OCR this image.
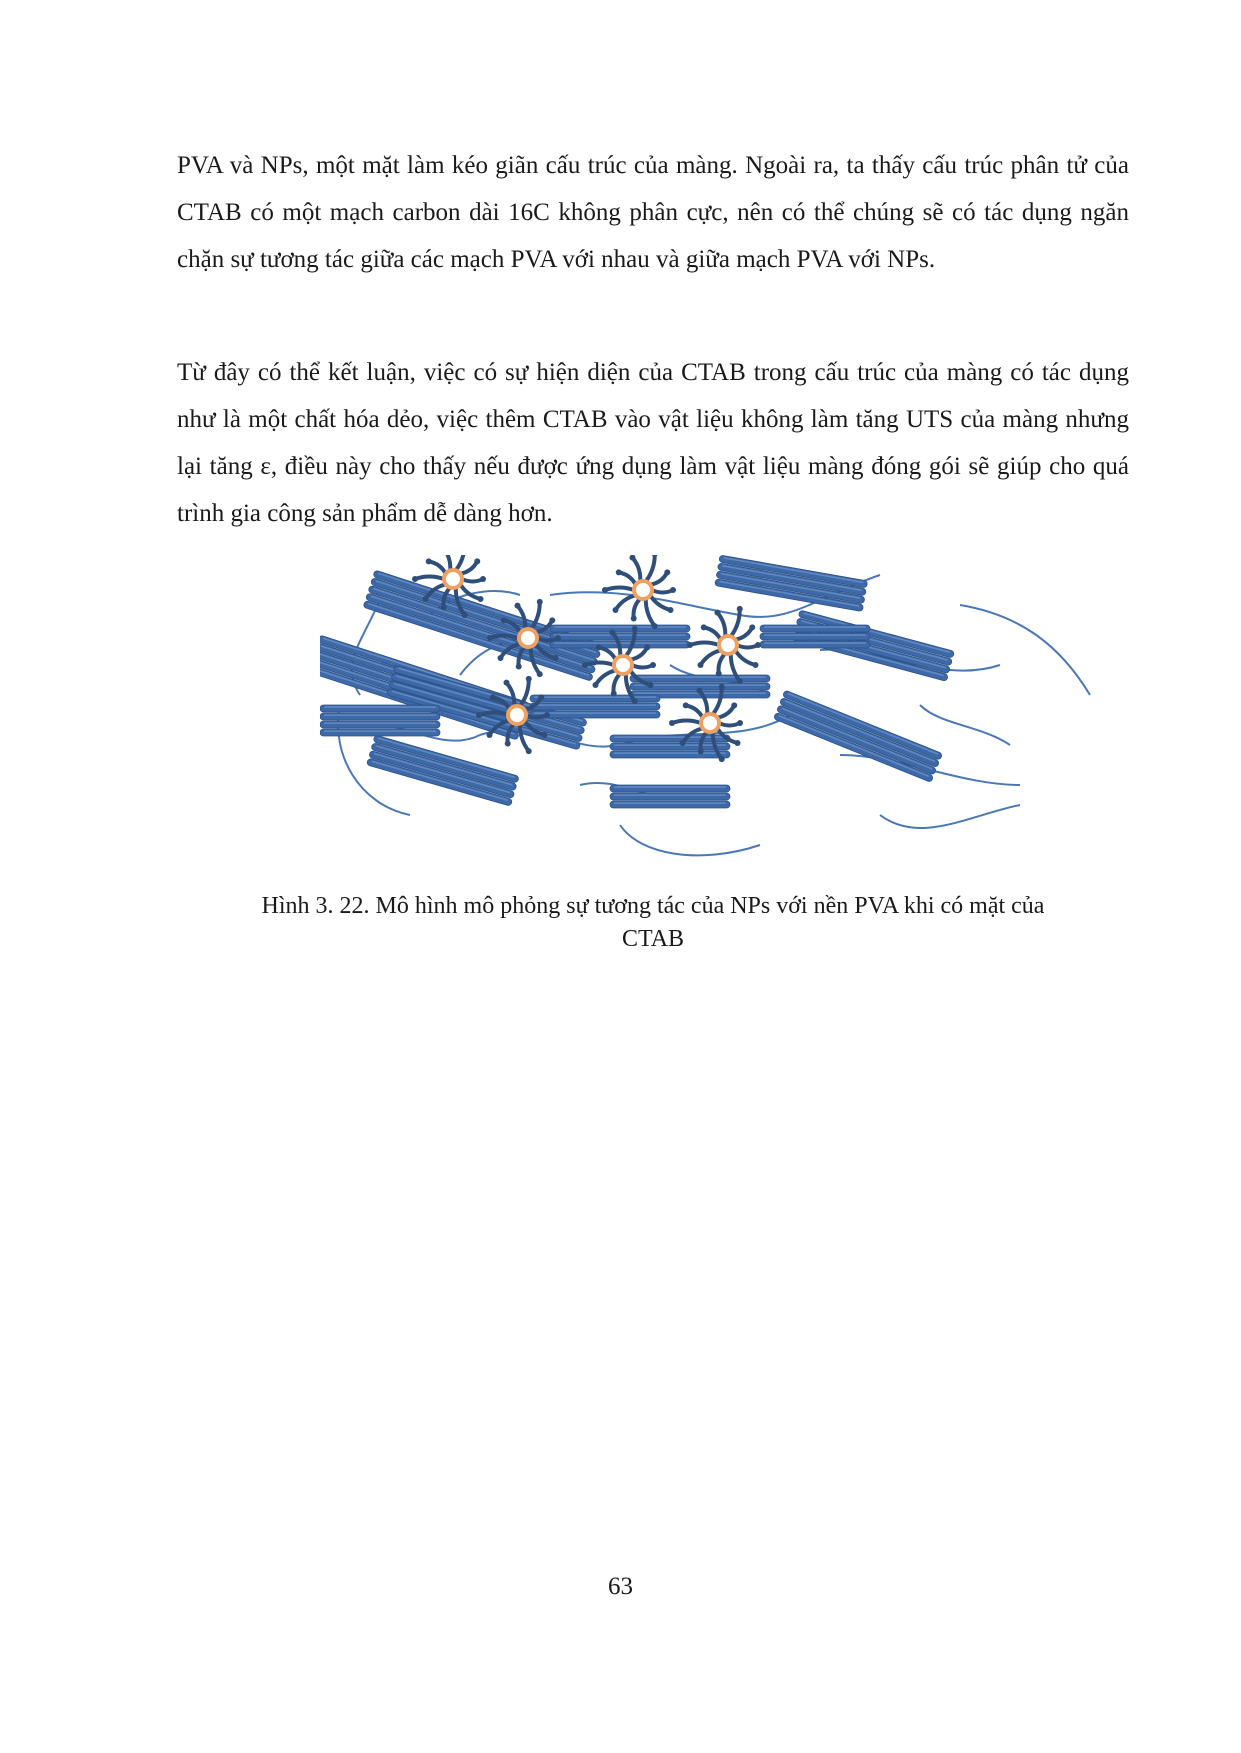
PVA và NPs, một mặt làm kéo giãn cấu trúc của màng. Ngoài ra, ta thấy cấu trúc phân tử của CTAB có một mạch carbon dài 16C không phân cực, nên có thể chúng sẽ có tác dụng ngăn chặn sự tương tác giữa các mạch PVA với nhau và giữa mạch PVA với NPs.

Từ đây có thể kết luận, việc có sự hiện diện của CTAB trong cấu trúc của màng có tác dụng như là một chất hóa dẻo, việc thêm CTAB vào vật liệu không làm tăng UTS của màng nhưng lại tăng ε, điều này cho thấy nếu được ứng dụng làm vật liệu màng đóng gói sẽ giúp cho quá trình gia công sản phẩm dễ dàng hơn.

Hình 3. 22. Mô hình mô phỏng sự tương tác của NPs với nền PVA khi có mặt của
CTAB

63
